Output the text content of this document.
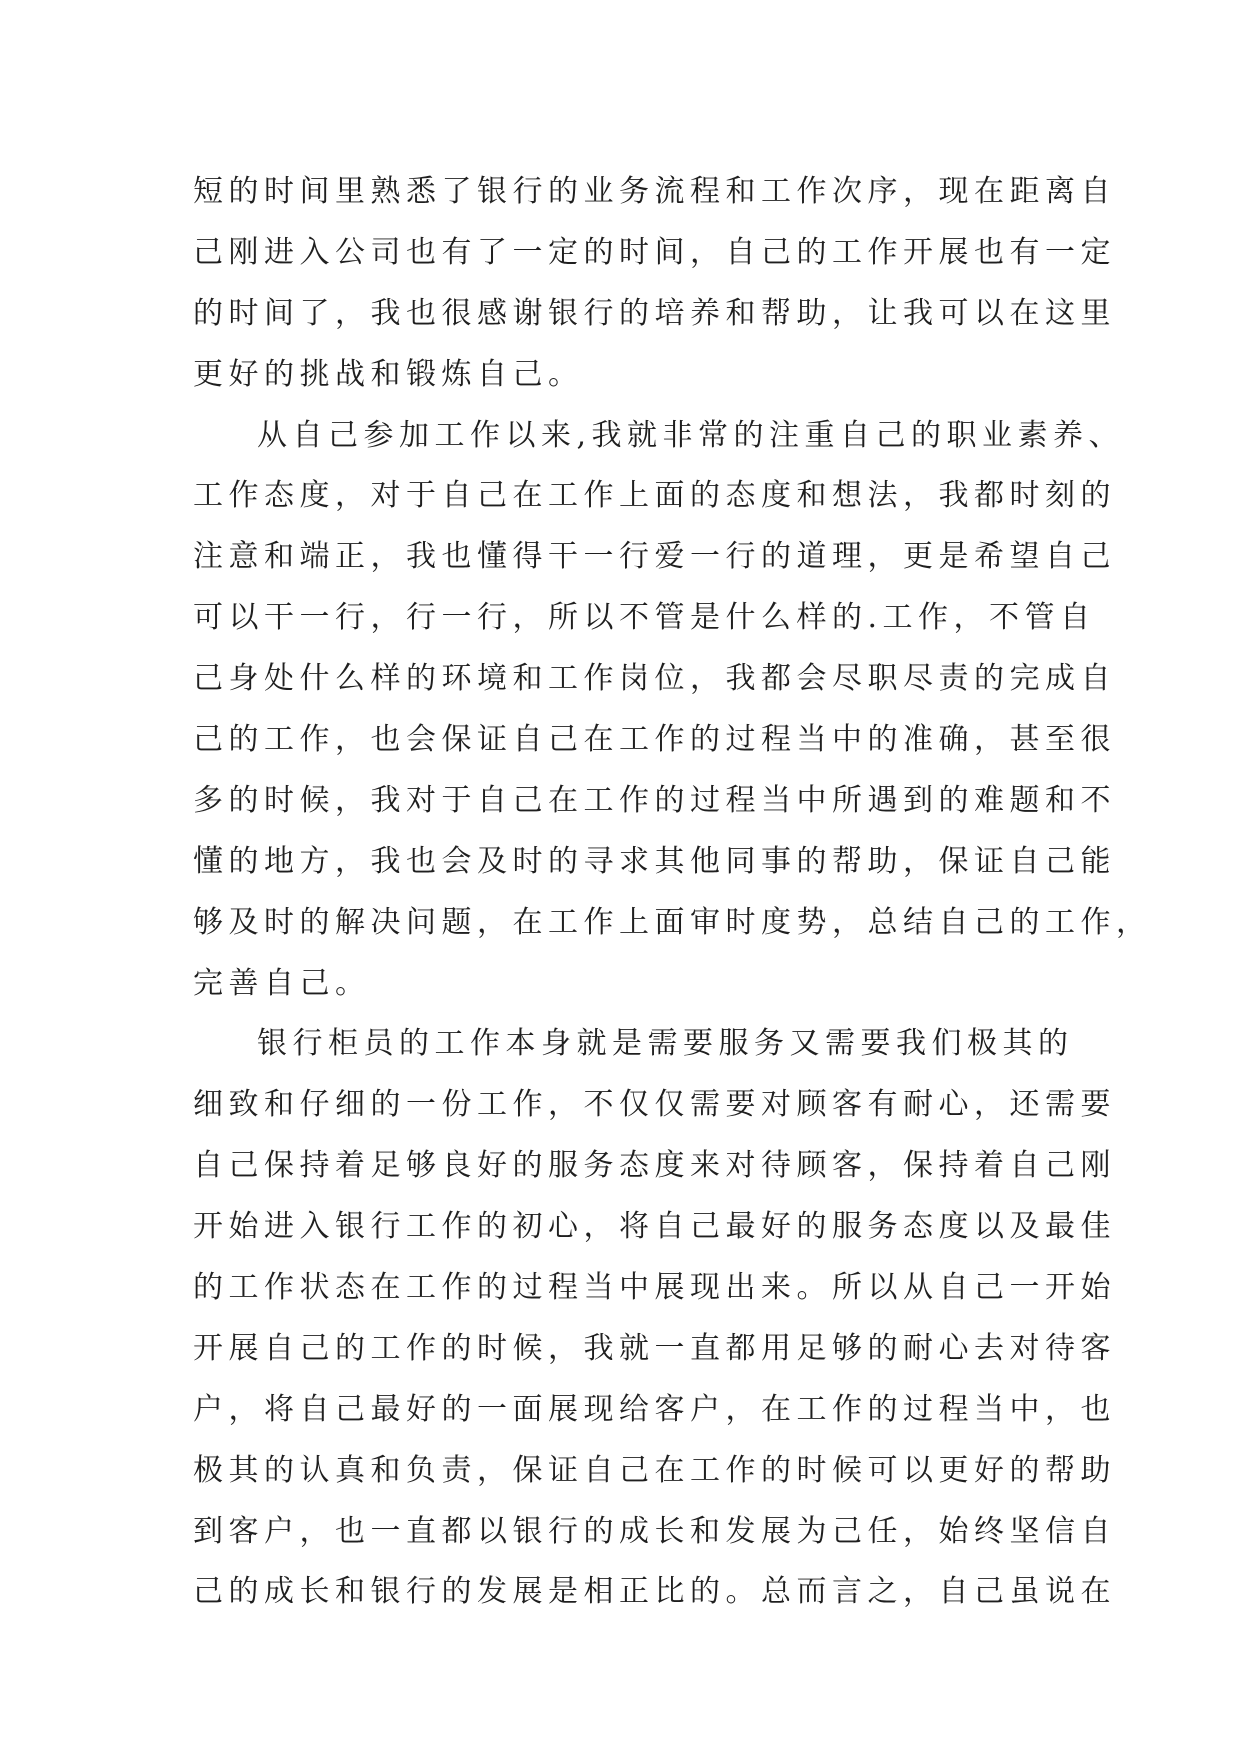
短的时间里熟悉了银行的业务流程和工作次序，现在距离自
己刚进入公司也有了一定的时间，自己的工作开展也有一定
的时间了，我也很感谢银行的培养和帮助，让我可以在这里
更好的挑战和锻炼自己。
从自己参加工作以来,我就非常的注重自己的职业素养、
工作态度，对于自己在工作上面的态度和想法，我都时刻的
注意和端正，我也懂得干一行爱一行的道理，更是希望自己
可以干一行，行一行，所以不管是什么样的.工作，不管自
己身处什么样的环境和工作岗位，我都会尽职尽责的完成自
己的工作，也会保证自己在工作的过程当中的准确，甚至很
多的时候，我对于自己在工作的过程当中所遇到的难题和不
懂的地方，我也会及时的寻求其他同事的帮助，保证自己能
够及时的解决问题，在工作上面审时度势，总结自己的工作，
完善自己。
银行柜员的工作本身就是需要服务又需要我们极其的
细致和仔细的一份工作，不仅仅需要对顾客有耐心，还需要
自己保持着足够良好的服务态度来对待顾客，保持着自己刚
开始进入银行工作的初心，将自己最好的服务态度以及最佳
的工作状态在工作的过程当中展现出来。所以从自己一开始
开展自己的工作的时候，我就一直都用足够的耐心去对待客
户，将自己最好的一面展现给客户，在工作的过程当中，也
极其的认真和负责，保证自己在工作的时候可以更好的帮助
到客户，也一直都以银行的成长和发展为己任，始终坚信自
己的成长和银行的发展是相正比的。总而言之，自己虽说在
